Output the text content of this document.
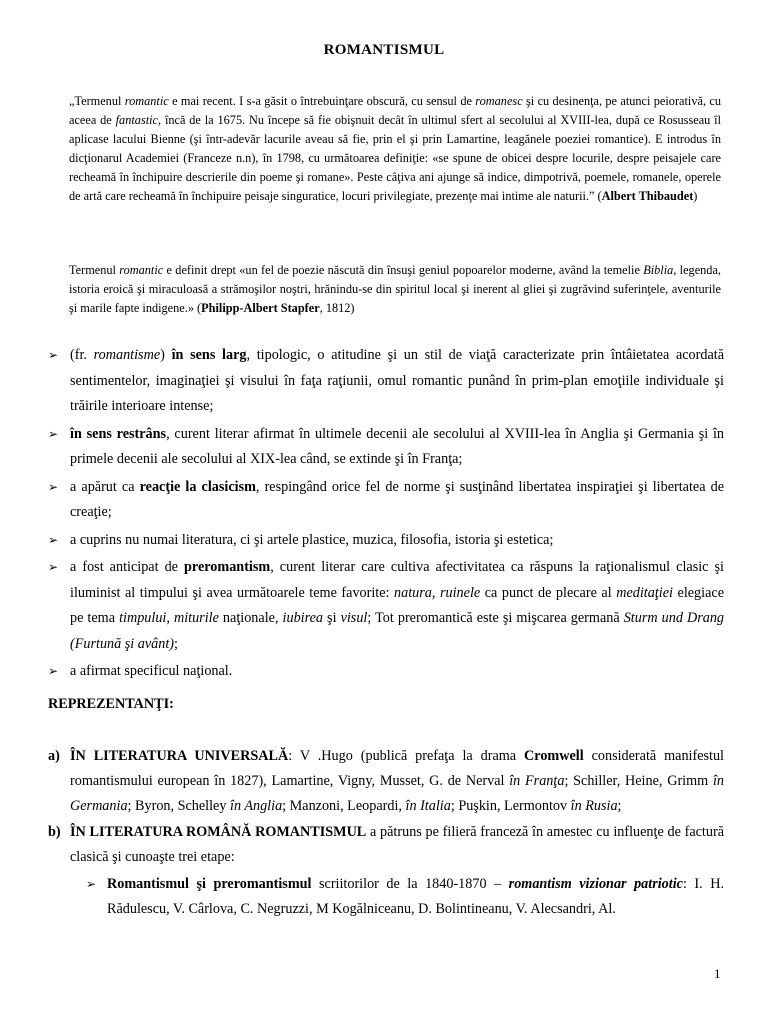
ROMANTISMUL

„Termenul romantic e mai recent. I s-a găsit o întrebuinţare obscură, cu sensul de romanesc şi cu desinenţa, pe atunci peiorativă, cu aceea de fantastic, încă de la 1675. Nu începe să fie obişnuit decât în ultimul sfert al secolului al XVIII-lea, după ce Rosusseau îl aplicase lacului Bienne (şi într-adevăr lacurile aveau să fie, prin el şi prin Lamartine, leagănele poeziei romantice). E introdus în dicţionarul Academiei (Franceze n.n), în 1798, cu următoarea definiţie: «se spune de obicei despre locurile, despre peisajele care recheamă în închipuire descrierile din poeme şi romane». Peste câţiva ani ajunge să indice, dimpotrivă, poemele, romanele, operele de artă care recheamă în închipuire peisaje singuratice, locuri privilegiate, prezenţe mai intime ale naturii.” (Albert Thibaudet)

Termenul romantic e definit drept «un fel de poezie născută din însuşi geniul popoarelor moderne, având la temelie Biblia, legenda, istoria eroică şi miraculoasă a strămoşilor noştri, hrănindu-se din spiritul local şi inerent al gliei şi zugrăvind suferinţele, aventurile şi marile fapte indigene.» (Philipp-Albert Stapfer, 1812)

➢ (fr. romantisme) în sens larg, tipologic, o atitudine şi un stil de viaţă caracterizate prin întâietatea acordată sentimentelor, imaginaţiei şi visului în faţa raţiunii, omul romantic punând în prim-plan emoţiile individuale şi trăirile interioare intense;
➢ în sens restrâns, curent literar afirmat în ultimele decenii ale secolului al XVIII-lea în Anglia şi Germania şi în primele decenii ale secolului al XIX-lea când, se extinde şi în Franţa;
➢ a apărut ca reacţie la clasicism, respingând orice fel de norme şi susţinând libertatea inspiraţiei şi libertatea de creaţie;
➢ a cuprins nu numai literatura, ci şi artele plastice, muzica, filosofia, istoria şi estetica;
➢ a fost anticipat de preromantism, curent literar care cultiva afectivitatea ca răspuns la raţionalismul clasic şi iluminist al timpului şi avea următoarele teme favorite: natura, ruinele ca punct de plecare al meditaţiei elegiace pe tema timpului, miturile naţionale, iubirea şi visul; Tot preromantică este şi mişcarea germană Sturm und Drang (Furtună şi avânt);
➢ a afirmat specificul naţional.
REPREZENTANŢI:
a) ÎN LITERATURA UNIVERSALĂ: V .Hugo (publică prefaţa la drama Cromwell considerată manifestul romantismului european în 1827), Lamartine, Vigny, Musset, G. de Nerval în Franţa; Schiller, Heine, Grimm în Germania; Byron, Schelley în Anglia; Manzoni, Leopardi, în Italia; Puşkin, Lermontov în Rusia;
b) ÎN LITERATURA ROMÂNĂ ROMANTISMUL a pătruns pe filieră franceză în amestec cu influenţe de factură clasică şi cunoaşte trei etape:
➢ Romantismul şi preromantismul scriitorilor de la 1840-1870 – romantism vizionar patriotic: I. H. Rădulescu, V. Cârlova, C. Negruzzi, M Kogălniceanu, D. Bolintineanu, V. Alecsandri, Al.
1
